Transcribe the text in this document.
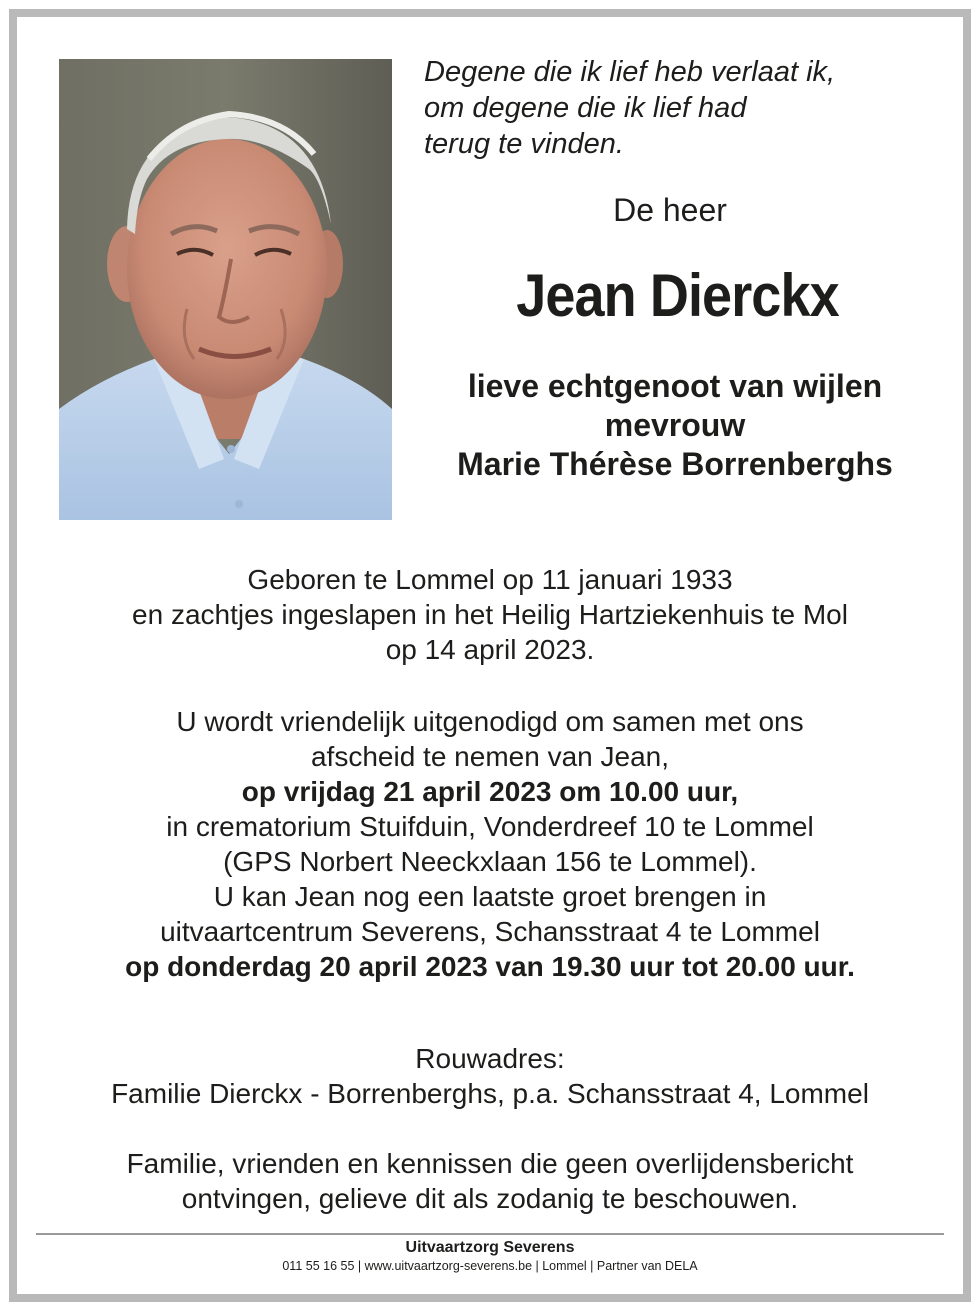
Degene die ik lief heb verlaat ik,
om degene die ik lief had
terug te vinden.

De heer

Jean Dierckx

lieve echtgenoot van wijlen
mevrouw
Marie Thérèse Borrenberghs

Geboren te Lommel op 11 januari 1933
en zachtjes ingeslapen in het Heilig Hartziekenhuis te Mol
op 14 april 2023.

U wordt vriendelijk uitgenodigd om samen met ons
afscheid te nemen van Jean,
op vrijdag 21 april 2023 om 10.00 uur,
in crematorium Stuifduin, Vonderdreef 10 te Lommel
(GPS Norbert Neeckxlaan 156 te Lommel).
U kan Jean nog een laatste groet brengen in
uitvaartcentrum Severens, Schansstraat 4 te Lommel
op donderdag 20 april 2023 van 19.30 uur tot 20.00 uur.

Rouwadres:
Familie Dierckx - Borrenberghs, p.a. Schansstraat 4, Lommel

Familie, vrienden en kennissen die geen overlijdensbericht
ontvingen, gelieve dit als zodanig te beschouwen.

Uitvaartzorg Severens

011 55 16 55 | www.uitvaartzorg-severens.be | Lommel | Partner van DELA
